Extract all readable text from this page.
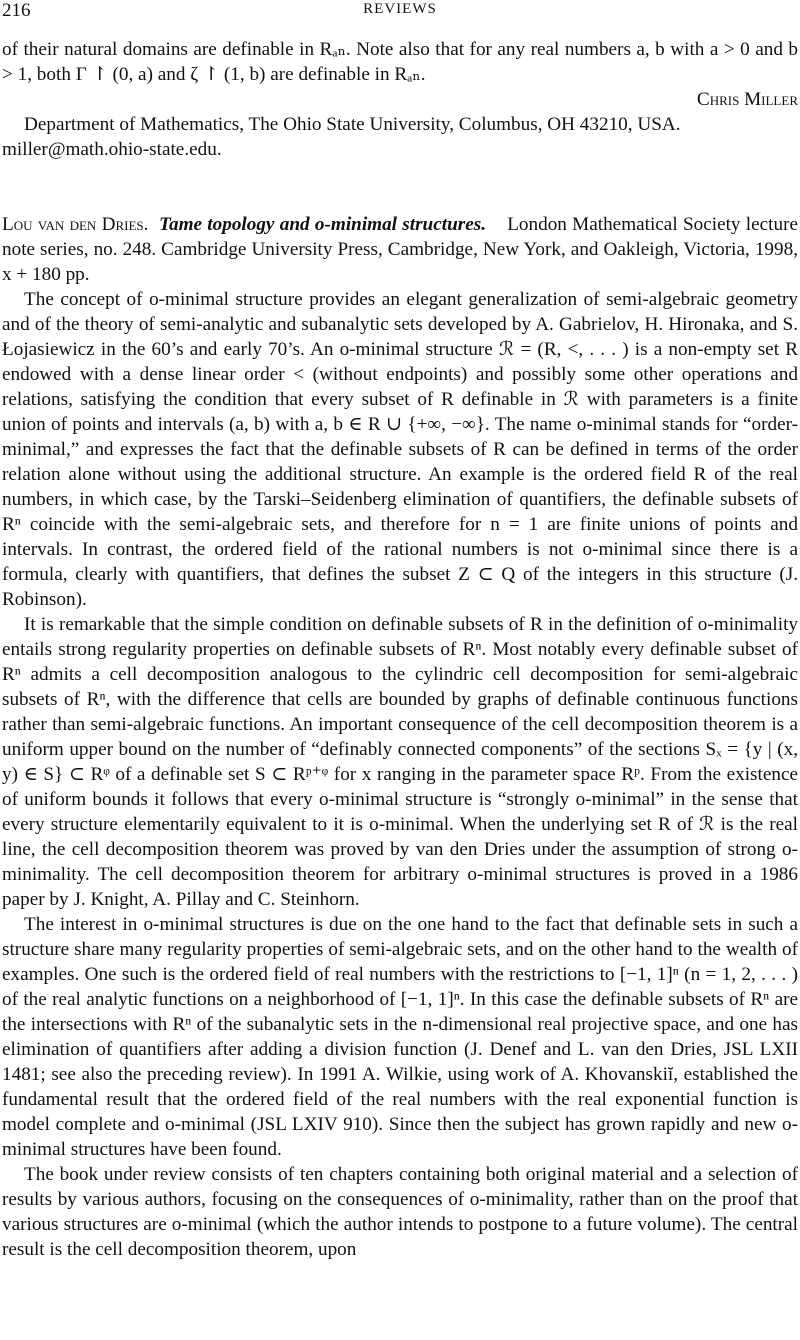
216	REVIEWS

of their natural domains are definable in Rₐₙ. Note also that for any real numbers a, b with a > 0 and b > 1, both Γ ↾ (0, a) and ζ ↾ (1, b) are definable in Rₐₙ.

Chris Miller

Department of Mathematics, The Ohio State University, Columbus, OH 43210, USA.

miller@math.ohio-state.edu.

Lou van den Dries. Tame topology and o-minimal structures. London Mathematical Society lecture note series, no. 248. Cambridge University Press, Cambridge, New York, and Oakleigh, Victoria, 1998, x + 180 pp.

The concept of o-minimal structure provides an elegant generalization of semi-algebraic geometry and of the theory of semi-analytic and subanalytic sets developed by A. Gabrielov, H. Hironaka, and S. Łojasiewicz in the 60’s and early 70’s. An o-minimal structure ℛ = (R, <, . . . ) is a non-empty set R endowed with a dense linear order < (without endpoints) and possibly some other operations and relations, satisfying the condition that every subset of R definable in ℛ with parameters is a finite union of points and intervals (a, b) with a, b ∈ R ∪ {+∞, −∞}. The name o-minimal stands for “order-minimal,” and expresses the fact that the definable subsets of R can be defined in terms of the order relation alone without using the additional structure. An example is the ordered field R of the real numbers, in which case, by the Tarski–Seidenberg elimination of quantifiers, the definable subsets of Rⁿ coincide with the semi-algebraic sets, and therefore for n = 1 are finite unions of points and intervals. In contrast, the ordered field of the rational numbers is not o-minimal since there is a formula, clearly with quantifiers, that defines the subset Z ⊂ Q of the integers in this structure (J. Robinson).

It is remarkable that the simple condition on definable subsets of R in the definition of o-minimality entails strong regularity properties on definable subsets of Rⁿ. Most notably every definable subset of Rⁿ admits a cell decomposition analogous to the cylindric cell decomposition for semi-algebraic subsets of Rⁿ, with the difference that cells are bounded by graphs of definable continuous functions rather than semi-algebraic functions. An important consequence of the cell decomposition theorem is a uniform upper bound on the number of “definably connected components” of the sections Sₓ = {y | (x, y) ∈ S} ⊂ Rᵠ of a definable set S ⊂ Rᵖ⁺ᵠ for x ranging in the parameter space Rᵖ. From the existence of uniform bounds it follows that every o-minimal structure is “strongly o-minimal” in the sense that every structure elementarily equivalent to it is o-minimal. When the underlying set R of ℛ is the real line, the cell decomposition theorem was proved by van den Dries under the assumption of strong o-minimality. The cell decomposition theorem for arbitrary o-minimal structures is proved in a 1986 paper by J. Knight, A. Pillay and C. Steinhorn.

The interest in o-minimal structures is due on the one hand to the fact that definable sets in such a structure share many regularity properties of semi-algebraic sets, and on the other hand to the wealth of examples. One such is the ordered field of real numbers with the restrictions to [−1, 1]ⁿ (n = 1, 2, . . . ) of the real analytic functions on a neighborhood of [−1, 1]ⁿ. In this case the definable subsets of Rⁿ are the intersections with Rⁿ of the subanalytic sets in the n-dimensional real projective space, and one has elimination of quantifiers after adding a division function (J. Denef and L. van den Dries, JSL LXII 1481; see also the preceding review). In 1991 A. Wilkie, using work of A. Khovanskiĭ, established the fundamental result that the ordered field of the real numbers with the real exponential function is model complete and o-minimal (JSL LXIV 910). Since then the subject has grown rapidly and new o-minimal structures have been found.

The book under review consists of ten chapters containing both original material and a selection of results by various authors, focusing on the consequences of o-minimality, rather than on the proof that various structures are o-minimal (which the author intends to postpone to a future volume). The central result is the cell decomposition theorem, upon
